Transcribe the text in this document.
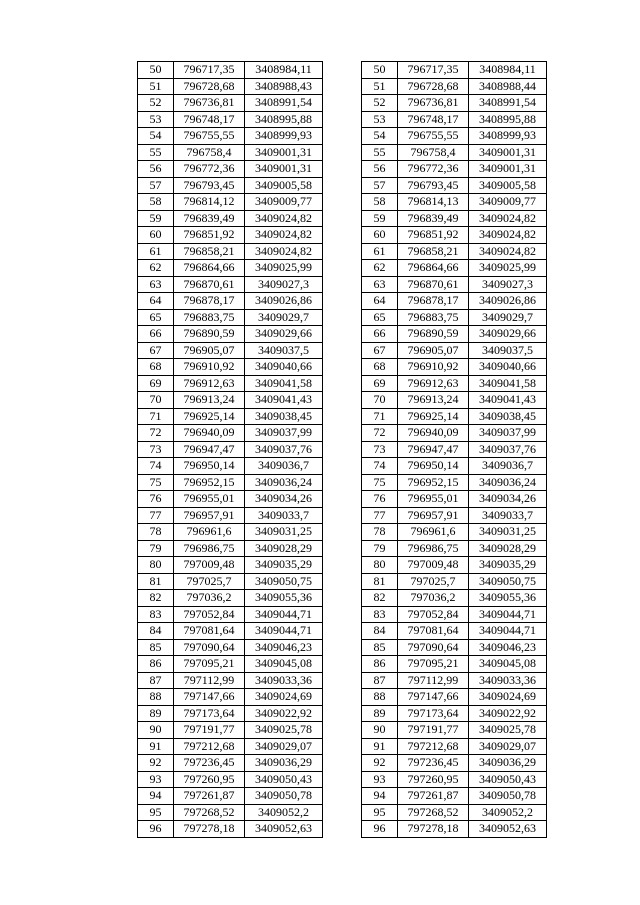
50	796717,35	3408984,11
51	796728,68	3408988,43
52	796736,81	3408991,54
53	796748,17	3408995,88
54	796755,55	3408999,93
55	796758,4	3409001,31
56	796772,36	3409001,31
57	796793,45	3409005,58
58	796814,12	3409009,77
59	796839,49	3409024,82
60	796851,92	3409024,82
61	796858,21	3409024,82
62	796864,66	3409025,99
63	796870,61	3409027,3
64	796878,17	3409026,86
65	796883,75	3409029,7
66	796890,59	3409029,66
67	796905,07	3409037,5
68	796910,92	3409040,66
69	796912,63	3409041,58
70	796913,24	3409041,43
71	796925,14	3409038,45
72	796940,09	3409037,99
73	796947,47	3409037,76
74	796950,14	3409036,7
75	796952,15	3409036,24
76	796955,01	3409034,26
77	796957,91	3409033,7
78	796961,6	3409031,25
79	796986,75	3409028,29
80	797009,48	3409035,29
81	797025,7	3409050,75
82	797036,2	3409055,36
83	797052,84	3409044,71
84	797081,64	3409044,71
85	797090,64	3409046,23
86	797095,21	3409045,08
87	797112,99	3409033,36
88	797147,66	3409024,69
89	797173,64	3409022,92
90	797191,77	3409025,78
91	797212,68	3409029,07
92	797236,45	3409036,29
93	797260,95	3409050,43
94	797261,87	3409050,78
95	797268,52	3409052,2
96	797278,18	3409052,63
50	796717,35	3408984,11
51	796728,68	3408988,44
52	796736,81	3408991,54
53	796748,17	3408995,88
54	796755,55	3408999,93
55	796758,4	3409001,31
56	796772,36	3409001,31
57	796793,45	3409005,58
58	796814,13	3409009,77
59	796839,49	3409024,82
60	796851,92	3409024,82
61	796858,21	3409024,82
62	796864,66	3409025,99
63	796870,61	3409027,3
64	796878,17	3409026,86
65	796883,75	3409029,7
66	796890,59	3409029,66
67	796905,07	3409037,5
68	796910,92	3409040,66
69	796912,63	3409041,58
70	796913,24	3409041,43
71	796925,14	3409038,45
72	796940,09	3409037,99
73	796947,47	3409037,76
74	796950,14	3409036,7
75	796952,15	3409036,24
76	796955,01	3409034,26
77	796957,91	3409033,7
78	796961,6	3409031,25
79	796986,75	3409028,29
80	797009,48	3409035,29
81	797025,7	3409050,75
82	797036,2	3409055,36
83	797052,84	3409044,71
84	797081,64	3409044,71
85	797090,64	3409046,23
86	797095,21	3409045,08
87	797112,99	3409033,36
88	797147,66	3409024,69
89	797173,64	3409022,92
90	797191,77	3409025,78
91	797212,68	3409029,07
92	797236,45	3409036,29
93	797260,95	3409050,43
94	797261,87	3409050,78
95	797268,52	3409052,2
96	797278,18	3409052,63
